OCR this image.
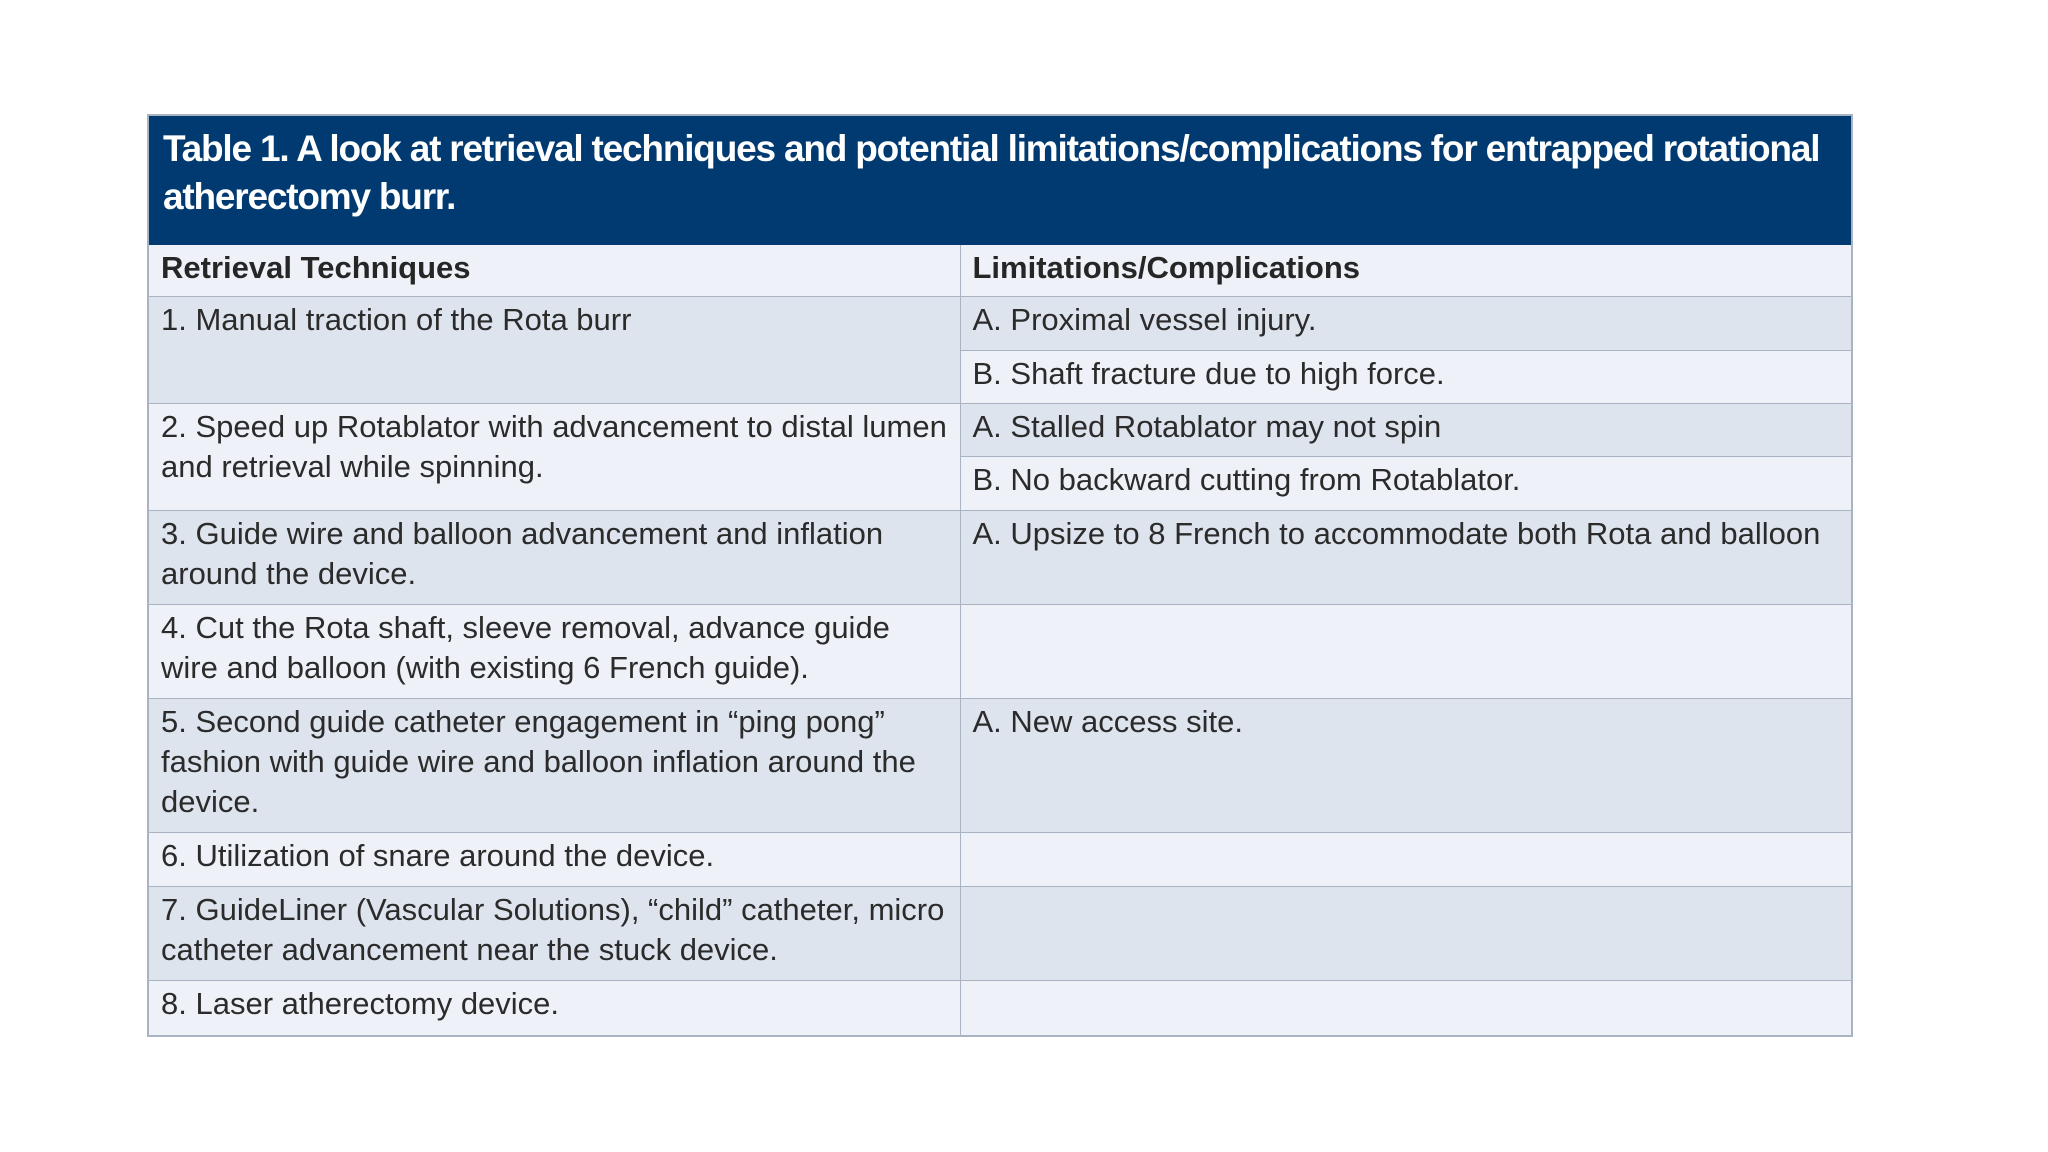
Table 1. A look at retrieval techniques and potential limitations/complications for entrapped rotational atherectomy burr.
Retrieval Techniques	Limitations/Complications
1. Manual traction of the Rota burr	A. Proximal vessel injury.
	B. Shaft fracture due to high force.
2. Speed up Rotablator with advancement to distal lumen and retrieval while spinning.	A. Stalled Rotablator may not spin
	B. No backward cutting from Rotablator.
3. Guide wire and balloon advancement and inflation around the device.	A. Upsize to 8 French to accommodate both Rota and balloon
4. Cut the Rota shaft, sleeve removal, advance guide wire and balloon (with existing 6 French guide).	
5. Second guide catheter engagement in “ping pong” fashion with guide wire and balloon inflation around the device.	A. New access site.
6. Utilization of snare around the device.	
7. GuideLiner (Vascular Solutions), “child” catheter, micro catheter advancement near the stuck device.	
8. Laser atherectomy device.	
